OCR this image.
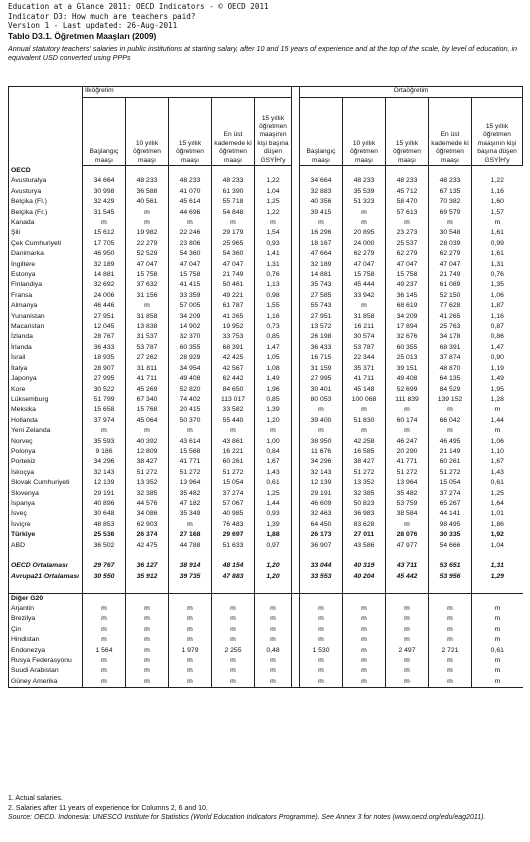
Education at a Glance 2011: OECD Indicators - © OECD 2011
Indicator D3: How much are teachers paid?
Version 1 - Last updated: 26-Aug-2011
Tablo D3.1. Öğretmen Maaşları (2009)
Annual statutory teachers' salaries in public institutions at starting salary, after 10 and 15 years of experience and at the top of the scale, by level of education, in equivalent USD converted using PPPs
	İlköğretim						Ortaöğretim				
	Başlangıç maaşı	10 yıllık öğretmen maaşı	15 yıllık öğretmen maaşı	En üst kademede ki öğretmen maaşı	15 yıllık öğretmen maaşının kişi başına düşen GSYİH'y		Başlangıç maaşı	10 yıllık öğretmen maaşı	15 yıllık öğretmen maaşı	En üst kademede ki öğretmen maaşı	15 yıllık öğretmen maaşının kişi başına düşen GSYİH'y
OECD											
Avusturalya	34 664	48 233	48 233	48 233	1,22		34 664	48 233	48 233	48 233	1,22
Avusturya	30 998	36 588	41 070	61 390	1,04		32 883	35 539	45 712	67 135	1,16
Belçika (Fl.)	32 429	40 561	45 614	55 718	1,25		40 356	51 323	58 470	70 382	1,60
Belçika (Fr.)	31 545	m	44 696	54 848	1,22		39 415	m	57 613	69 579	1,57
Kanada	m	m	m	m	m		m	m	m	m	m
Şili	15 612	19 982	22 246	29 179	1,54		16 296	20 895	23 273	30 548	1,61
Çek Cumhuriyeti	17 705	22 279	23 806	25 965	0,93		18 167	24 000	25 537	28 039	0,99
Danimarka	46 950	52 529	54 360	54 360	1,41		47 664	62 279	62 279	62 279	1,61
İngiltere	32 189	47 047	47 047	47 047	1,31		32 189	47 047	47 047	47 047	1,31
Estonya	14 881	15 758	15 758	21 749	0,76		14 881	15 758	15 758	21 749	0,76
Finlandiya	32 692	37 632	41 415	50 461	1,13		35 743	45 444	49 237	61 089	1,35
Fransa	24 006	31 156	33 359	49 221	0,98		27 585	33 942	36 145	52 150	1,06
Almanya	46 446	m	57 005	61 787	1,55		55 743	m	68 619	77 628	1,87
Yunanistan	27 951	31 858	34 209	41 265	1,16		27 951	31 858	34 209	41 265	1,16
Macaristan	12 045	13 838	14 902	19 952	0,73		13 572	16 211	17 894	25 763	0,87
İzlanda	28 767	31 537	32 370	33 753	0,85		26 198	30 574	32 676	34 178	0,86
İrlanda	36 433	53 787	60 355	68 391	1,47		36 433	53 787	60 355	68 391	1,47
İsrail	18 935	27 262	28 929	42 425	1,05		16 715	22 344	25 013	37 874	0,90
İtalya	28 907	31 811	34 954	42 567	1,08		31 159	35 371	39 151	48 870	1,19
Japonya	27 995	41 711	49 408	62 442	1,49		27 995	41 711	49 408	64 135	1,49
Kore	30 522	45 269	52 820	84 650	1,96		30 401	45 148	52 699	84 529	1,95
Lüksemburg	51 799	67 340	74 402	113 017	0,85		80 053	100 068	111 839	139 152	1,28
Meksika	15 658	15 768	20 415	33 582	1,39		m	m	m	m	m
Hollanda	37 974	45 064	50 370	55 440	1,20		39 400	51 830	60 174	66 042	1,44
Yeni Zelanda	m	m	m	m	m		m	m	m	m	m
Norveç	35 593	40 392	43 614	43 861	1,00		38 950	42 258	46 247	46 495	1,06
Polonya	9 186	12 809	15 568	16 221	0,84		11 676	16 585	20 290	21 149	1,10
Portekiz	34 296	38 427	41 771	60 261	1,67		34 296	38 427	41 771	60 261	1,67
İskoçya	32 143	51 272	51 272	51 272	1,43		32 143	51 272	51 272	51 272	1,43
Slovak Cumhuriyeti	12 139	13 352	13 964	15 054	0,61		12 139	13 352	13 964	15 054	0,61
Slovenya	29 191	32 385	35 482	37 274	1,25		29 191	32 385	35 482	37 274	1,25
İspanya	40 896	44 576	47 182	57 067	1,44		46 609	50 823	53 759	65 267	1,64
İsveç	30 648	34 086	35 349	40 985	0,93		32 463	36 983	38 584	44 141	1,01
İsviçre	48 853	62 903	m	76 483	1,39		64 450	83 628	m	98 495	1,86
Türkiye	25 536	26 374	27 168	29 697	1,88		26 173	27 011	28 076	30 335	1,92
ABD	36 502	42 475	44 788	51 633	0,97		36 907	43 586	47 977	54 666	1,04

OECD Ortalaması	29 767	36 127	38 914	48 154	1,20		33 044	40 319	43 711	53 651	1,31
Avrupa21 Ortalaması	30 550	35 912	39 735	47 883	1,20		33 553	40 204	45 442	53 956	1,29

Diğer G20											
Arjantin	m	m	m	m	m		m	m	m	m	m
Brezilya	m	m	m	m	m		m	m	m	m	m
Çin	m	m	m	m	m		m	m	m	m	m
Hindistan	m	m	m	m	m		m	m	m	m	m
Endonezya	1 564	m	1 979	2 255	0,48		1 530	m	2 497	2 721	0,61
Rusya Federasyonu	m	m	m	m	m		m	m	m	m	m
Suudi Arabistan	m	m	m	m	m		m	m	m	m	m
Güney Amerika	m	m	m	m	m		m	m	m	m	m
1. Actual salaries.
2. Salaries after 11 years of experience for Columns 2, 6 and 10.
Source: OECD. Indonesia: UNESCO Institute for Statistics (World Education Indicators Programme). See Annex 3 for notes (www.oecd.org/edu/eag2011).
